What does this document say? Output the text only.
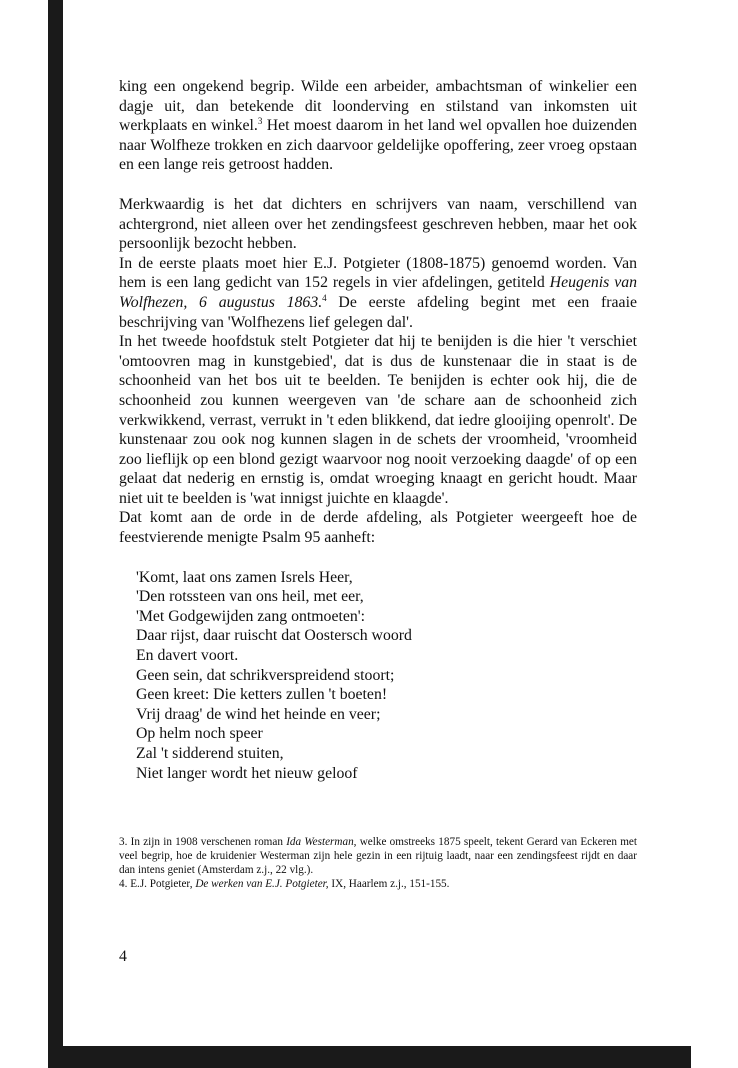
king een ongekend begrip. Wilde een arbeider, ambachtsman of winkelier een dagje uit, dan betekende dit loonderving en stilstand van inkomsten uit werkplaats en winkel.$^3$ Het moest daarom in het land wel opvallen hoe duizenden naar Wolfheze trokken en zich daarvoor geldelijke opoffering, zeer vroeg opstaan en een lange reis getroost hadden.

Merkwaardig is het dat dichters en schrijvers van naam, verschillend van achtergrond, niet alleen over het zendingsfeest geschreven hebben, maar het ook persoonlijk bezocht hebben.

In de eerste plaats moet hier E.J. Potgieter (1808-1875) genoemd worden. Van hem is een lang gedicht van 152 regels in vier afdelingen, getiteld Heugenis van Wolfhezen, 6 augustus 1863.$^4$ De eerste afdeling begint met een fraaie beschrijving van 'Wolfhezens lief gelegen dal'.

In het tweede hoofdstuk stelt Potgieter dat hij te benijden is die hier 't verschiet 'omtoovren mag in kunstgebied', dat is dus de kunstenaar die in staat is de schoonheid van het bos uit te beelden. Te benijden is echter ook hij, die de schoonheid zou kunnen weergeven van 'de schare aan de schoonheid zich verkwikkend, verrast, verrukt in 't eden blikkend, dat iedre glooijing openrolt'. De kunstenaar zou ook nog kunnen slagen in de schets der vroomheid, 'vroomheid zoo lieflijk op een blond gezigt waarvoor nog nooit verzoeking daagde' of op een gelaat dat nederig en ernstig is, omdat wroeging knaagt en gericht houdt. Maar niet uit te beelden is 'wat innigst juichte en klaagde'.

Dat komt aan de orde in de derde afdeling, als Potgieter weergeeft hoe de feestvierende menigte Psalm 95 aanheft:

'Komt, laat ons zamen Isrels Heer,
'Den rotssteen van ons heil, met eer,
'Met Godgewijden zang ontmoeten':
Daar rijst, daar ruischt dat Oostersch woord
En davert voort.
Geen sein, dat schrikverspreidend stoort;
Geen kreet: Die ketters zullen 't boeten!
Vrij draag' de wind het heinde en veer;
Op helm noch speer
Zal 't sidderend stuiten,
Niet langer wordt het nieuw geloof

3. In zijn in 1908 verschenen roman Ida Westerman, welke omstreeks 1875 speelt, tekent Gerard van Eckeren met veel begrip, hoe de kruidenier Westerman zijn hele gezin in een rijtuig laadt, naar een zendingsfeest rijdt en daar dan intens geniet (Amsterdam z.j., 22 vlg.).

4. E.J. Potgieter, De werken van E.J. Potgieter, IX, Haarlem z.j., 151-155.

4
